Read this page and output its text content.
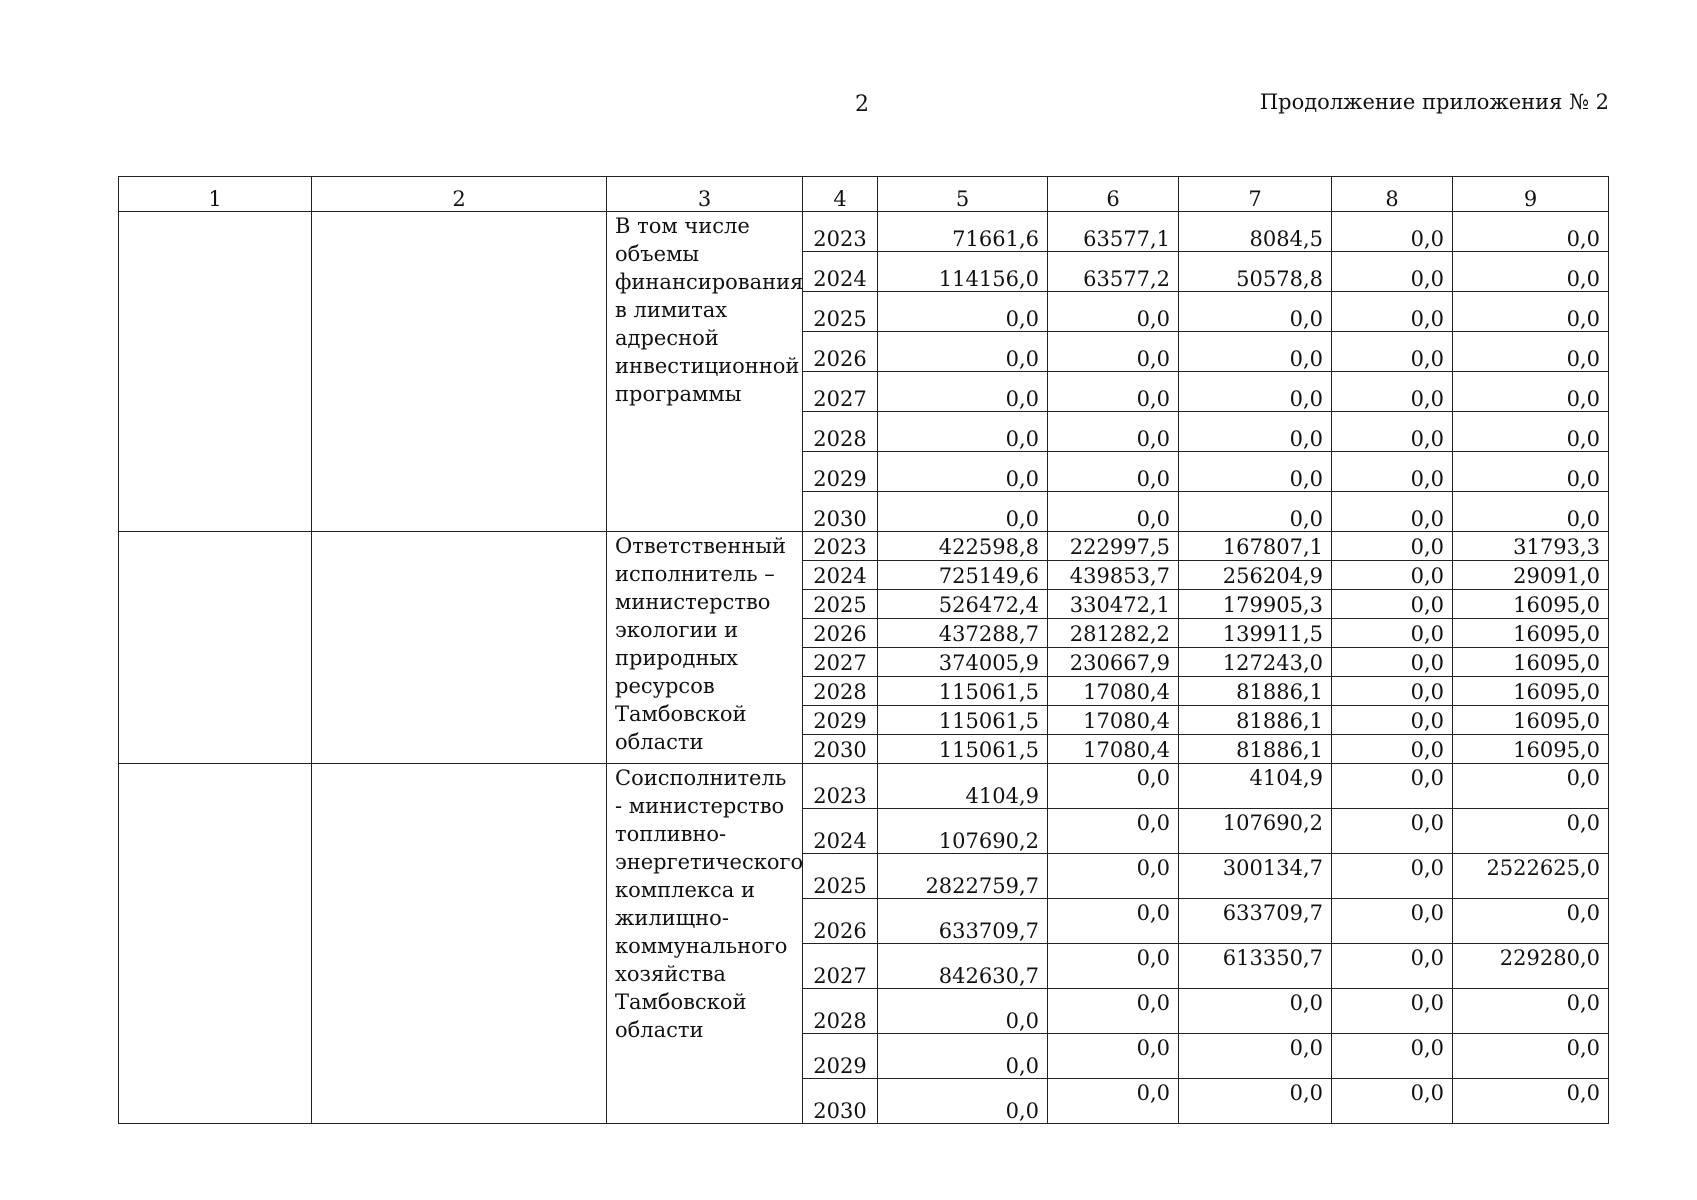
2	Продолжение приложения № 2
1	2	3	4	5	6	7	8	9
		В том числе объемы финансирования в лимитах адресной инвестиционной программы	2023	71661,6	63577,1	8084,5	0,0	0,0
			2024	114156,0	63577,2	50578,8	0,0	0,0
			2025	0,0	0,0	0,0	0,0	0,0
			2026	0,0	0,0	0,0	0,0	0,0
			2027	0,0	0,0	0,0	0,0	0,0
			2028	0,0	0,0	0,0	0,0	0,0
			2029	0,0	0,0	0,0	0,0	0,0
			2030	0,0	0,0	0,0	0,0	0,0
		Ответственный исполнитель – министерство экологии и природных ресурсов Тамбовской области	2023	422598,8	222997,5	167807,1	0,0	31793,3
			2024	725149,6	439853,7	256204,9	0,0	29091,0
			2025	526472,4	330472,1	179905,3	0,0	16095,0
			2026	437288,7	281282,2	139911,5	0,0	16095,0
			2027	374005,9	230667,9	127243,0	0,0	16095,0
			2028	115061,5	17080,4	81886,1	0,0	16095,0
			2029	115061,5	17080,4	81886,1	0,0	16095,0
			2030	115061,5	17080,4	81886,1	0,0	16095,0
		Соисполнитель - министерство топливно-энергетического комплекса и жилищно-коммунального хозяйства Тамбовской области	2023	4104,9	0,0	4104,9	0,0	0,0
			2024	107690,2	0,0	107690,2	0,0	0,0
			2025	2822759,7	0,0	300134,7	0,0	2522625,0
			2026	633709,7	0,0	633709,7	0,0	0,0
			2027	842630,7	0,0	613350,7	0,0	229280,0
			2028	0,0	0,0	0,0	0,0	0,0
			2029	0,0	0,0	0,0	0,0	0,0
			2030	0,0	0,0	0,0	0,0	0,0
